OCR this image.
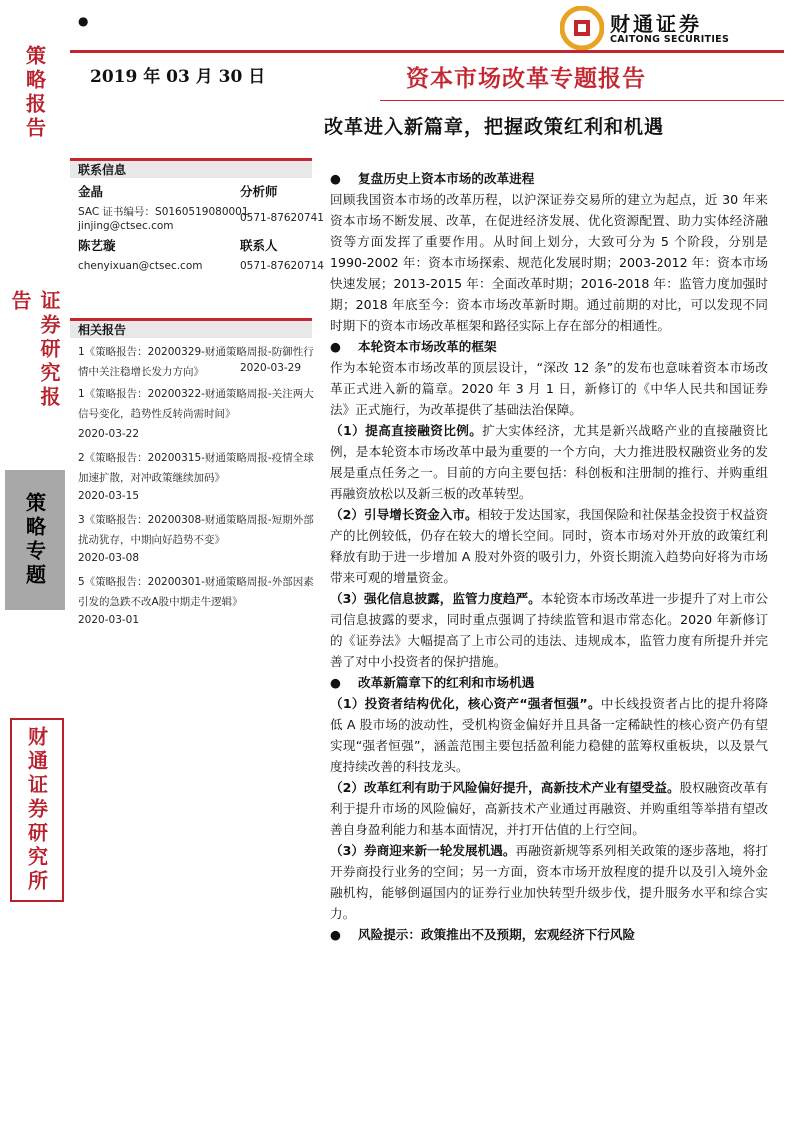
策略报告
证券研究报告
策略专题
财通证券研究所
●	财通证券
CAITONG SECURITIES
2019 年 03 月 30 日	资本市场改革专题报告
改革进入新篇章，把握政策红利和机遇
联系信息
金晶	分析师
SAC 证书编号：S0160519080001
jinjing@ctsec.com
0571-87620741
陈艺璇	联系人
chenyixuan@ctsec.com	0571-87620714
相关报告
1《策略报告：20200329-财通策略周报-防御性行情中关注稳增长发力方向》	2020-03-29
1《策略报告：20200322-财通策略周报-关注两大信号变化，趋势性反转尚需时间》
2020-03-22
2《策略报告：20200315-财通策略周报-疫情全球加速扩散，对冲政策继续加码》
2020-03-15
3《策略报告：20200308-财通策略周报-短期外部扰动犹存，中期向好趋势不变》
2020-03-08
5《策略报告：20200301-财通策略周报-外部因素引发的急跌不改A股中期走牛逻辑》
2020-03-01

● 复盘历史上资本市场的改革进程

回顾我国资本市场的改革历程，以沪深证券交易所的建立为起点，近 30 年来资本市场不断发展、改革，在促进经济发展、优化资源配置、助力实体经济融资等方面发挥了重要作用。从时间上划分，大致可分为 5 个阶段，分别是 1990-2002 年：资本市场探索、规范化发展时期；2003-2012 年：资本市场快速发展；2013-2015 年：全面改革时期；2016-2018 年：监管力度加强时期；2018 年底至今：资本市场改革新时期。通过前期的对比，可以发现不同时期下的资本市场改革框架和路径实际上存在部分的相通性。

● 本轮资本市场改革的框架

作为本轮资本市场改革的顶层设计，“深改 12 条”的发布也意味着资本市场改革正式进入新的篇章。2020 年 3 月 1 日，新修订的《中华人民共和国证券法》正式施行，为改革提供了基础法治保障。

（1）提高直接融资比例。扩大实体经济，尤其是新兴战略产业的直接融资比例，是本轮资本市场改革中最为重要的一个方向，大力推进股权融资业务的发展是重点任务之一。目前的方向主要包括：科创板和注册制的推行、并购重组再融资放松以及新三板的改革转型。

（2）引导增长资金入市。相较于发达国家，我国保险和社保基金投资于权益资产的比例较低，仍存在较大的增长空间。同时，资本市场对外开放的政策红利释放有助于进一步增加 A 股对外资的吸引力，外资长期流入趋势向好将为市场带来可观的增量资金。

（3）强化信息披露，监管力度趋严。本轮资本市场改革进一步提升了对上市公司信息披露的要求，同时重点强调了持续监管和退市常态化。2020 年新修订的《证券法》大幅提高了上市公司的违法、违规成本，监管力度有所提升并完善了对中小投资者的保护措施。

● 改革新篇章下的红利和市场机遇

（1）投资者结构优化，核心资产“强者恒强”。中长线投资者占比的提升将降低 A 股市场的波动性，受机构资金偏好并且具备一定稀缺性的核心资产仍有望实现“强者恒强”，涵盖范围主要包括盈利能力稳健的蓝筹权重板块，以及景气度持续改善的科技龙头。

（2）改革红利有助于风险偏好提升，高新技术产业有望受益。股权融资改革有利于提升市场的风险偏好，高新技术产业通过再融资、并购重组等举措有望改善自身盈利能力和基本面情况，并打开估值的上行空间。

（3）券商迎来新一轮发展机遇。再融资新规等系列相关政策的逐步落地，将打开券商投行业务的空间；另一方面，资本市场开放程度的提升以及引入境外金融机构，能够倒逼国内的证券行业加快转型升级步伐，提升服务水平和综合实力。

● 风险提示：政策推出不及预期，宏观经济下行风险
